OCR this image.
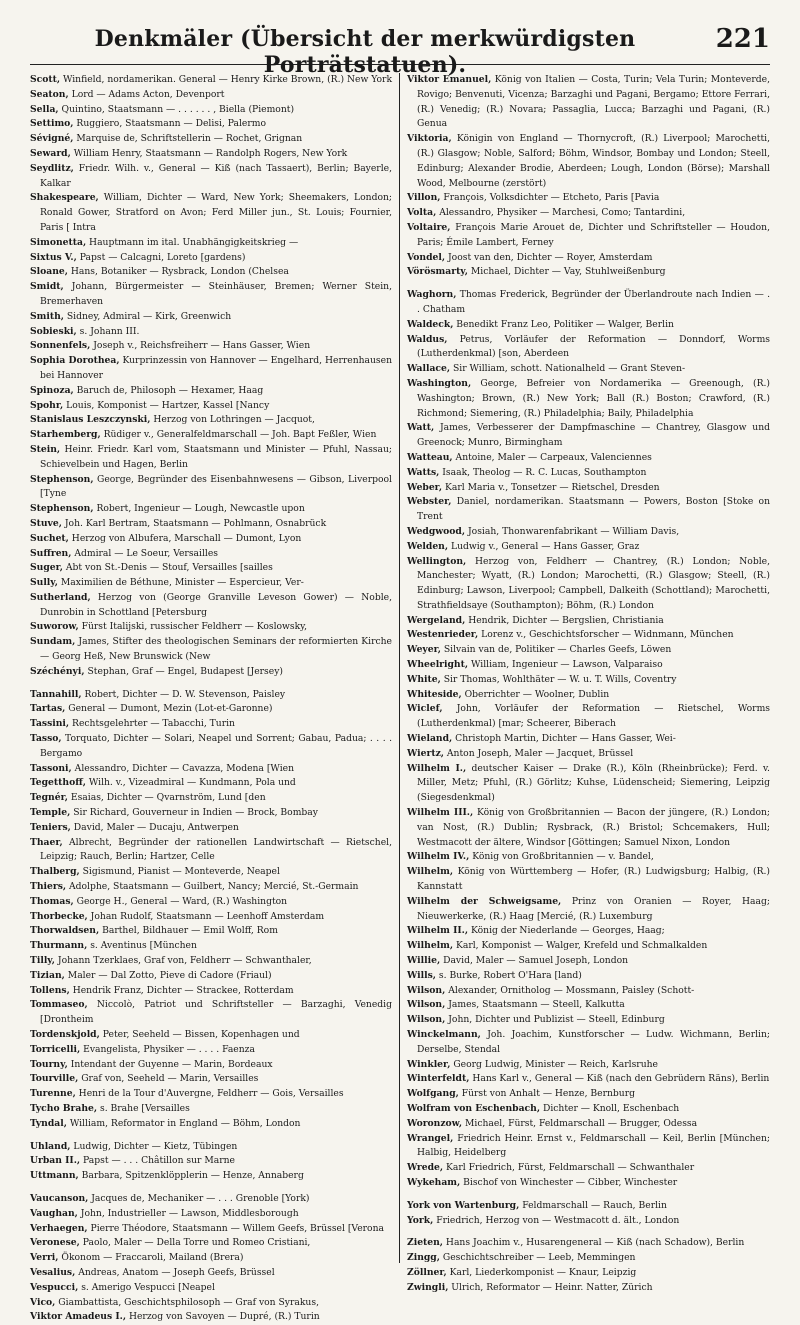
Denkmäler (Übersicht der merkwürdigsten Porträtstatuen).
221

Scott, Winfield, nordamerikan. General — Henry Kirke Brown, (R.) New York

Seaton, Lord — Adams Acton, Devenport

Sella, Quintino, Staatsmann — . . . . . . , Biella (Piemont)

Settimo, Ruggiero, Staatsmann — Delisi, Palermo

Sévigné, Marquise de, Schriftstellerin — Rochet, Grignan

Seward, William Henry, Staatsmann — Randolph Rogers, New York

Seydlitz, Friedr. Wilh. v., General — Kiß (nach Tassaert), Berlin; Bayerle, Kalkar

Shakespeare, William, Dichter — Ward, New York; Sheemakers, London; Ronald Gower, Stratford on Avon; Ferd Miller jun., St. Louis; Fournier, Paris [ Intra

Simonetta, Hauptmann im ital. Unabhängigkeitskrieg —

Sixtus V., Papst — Calcagni, Loreto [gardens)

Sloane, Hans, Botaniker — Rysbrack, London (Chelsea

Smidt, Johann, Bürgermeister — Steinhäuser, Bremen; Werner Stein, Bremerhaven

Smith, Sidney, Admiral — Kirk, Greenwich

Sobieski, s. Johann III.

Sonnenfels, Joseph v., Reichsfreiherr — Hans Gasser, Wien

Sophia Dorothea, Kurprinzessin von Hannover — Engelhard, Herrenhausen bei Hannover

Spinoza, Baruch de, Philosoph — Hexamer, Haag

Spohr, Louis, Komponist — Hartzer, Kassel [Nancy

Stanislaus Leszczynski, Herzog von Lothringen — Jacquot,

Starhemberg, Rüdiger v., Generalfeldmarschall — Joh. Bapt Feßler, Wien

Stein, Heinr. Friedr. Karl vom, Staatsmann und Minister — Pfuhl, Nassau; Schievelbein und Hagen, Berlin

Stephenson, George, Begründer des Eisenbahnwesens — Gibson, Liverpool [Tyne

Stephenson, Robert, Ingenieur — Lough, Newcastle upon

Stuve, Joh. Karl Bertram, Staatsmann — Pohlmann, Osnabrück

Suchet, Herzog von Albufera, Marschall — Dumont, Lyon

Suffren, Admiral — Le Soeur, Versailles

Suger, Abt von St.-Denis — Stouf, Versailles [sailles

Sully, Maximilien de Béthune, Minister — Espercieur, Ver-

Sutherland, Herzog von (George Granville Leveson Gower) — Noble, Dunrobin in Schottland [Petersburg

Suworow, Fürst Italijski, russischer Feldherr — Koslowsky,

Sundam, James, Stifter des theologischen Seminars der reformierten Kirche — Georg Heß, New Brunswick (New

Széchényi, Stephan, Graf — Engel, Budapest [Jersey)

Tannahill, Robert, Dichter — D. W. Stevenson, Paisley

Tartas, General — Dumont, Mezin (Lot-et-Garonne)

Tassini, Rechtsgelehrter — Tabacchi, Turin

Tasso, Torquato, Dichter — Solari, Neapel und Sorrent; Gabau, Padua; . . . . Bergamo

Tassoni, Alessandro, Dichter — Cavazza, Modena [Wien

Tegetthoff, Wilh. v., Vizeadmiral — Kundmann, Pola und

Tegnér, Esaias, Dichter — Qvarnström, Lund [den

Temple, Sir Richard, Gouverneur in Indien — Brock, Bombay

Teniers, David, Maler — Ducaju, Antwerpen

Thaer, Albrecht, Begründer der rationellen Landwirtschaft — Rietschel, Leipzig; Rauch, Berlin; Hartzer, Celle

Thalberg, Sigismund, Pianist — Monteverde, Neapel

Thiers, Adolphe, Staatsmann — Guilbert, Nancy; Mercié, St.-Germain

Thomas, George H., General — Ward, (R.) Washington

Thorbecke, Johan Rudolf, Staatsmann — Leenhoff Amsterdam

Thorwaldsen, Barthel, Bildhauer — Emil Wolff, Rom

Thurmann, s. Aventinus [München

Tilly, Johann Tzerklaes, Graf von, Feldherr — Schwanthaler,

Tizian, Maler — Dal Zotto, Pieve di Cadore (Friaul)

Tollens, Hendrik Franz, Dichter — Strackee, Rotterdam

Tommaseo, Niccolò, Patriot und Schriftsteller — Barzaghi, Venedig [Drontheim

Tordenskjold, Peter, Seeheld — Bissen, Kopenhagen und

Torricelli, Evangelista, Physiker — . . . . Faenza

Tourny, Intendant der Guyenne — Marin, Bordeaux

Tourville, Graf von, Seeheld — Marin, Versailles

Turenne, Henri de la Tour d'Auvergne, Feldherr — Gois, Versailles

Tycho Brahe, s. Brahe [Versailles

Tyndal, William, Reformator in England — Böhm, London

Uhland, Ludwig, Dichter — Kietz, Tübingen

Urban II., Papst — . . . Châtillon sur Marne

Uttmann, Barbara, Spitzenklöpplerin — Henze, Annaberg

Vaucanson, Jacques de, Mechaniker — . . . Grenoble [York)

Vaughan, John, Industrieller — Lawson, Middlesborough

Verhaegen, Pierre Théodore, Staatsmann — Willem Geefs, Brüssel [Verona

Veronese, Paolo, Maler — Della Torre und Romeo Cristiani,

Verri, Ökonom — Fraccaroli, Mailand (Brera)

Vesalius, Andreas, Anatom — Joseph Geefs, Brüssel

Vespucci, s. Amerigo Vespucci [Neapel

Vico, Giambattista, Geschichtsphilosoph — Graf von Syrakus,

Viktor Amadeus I., Herzog von Savoyen — Dupré, (R.) Turin

Viktor Emanuel, König von Italien — Costa, Turin; Vela Turin; Monteverde, Rovigo; Benvenuti, Vicenza; Barzaghi und Pagani, Bergamo; Ettore Ferrari, (R.) Venedig; (R.) Novara; Passaglia, Lucca; Barzaghi und Pagani, (R.) Genua

Viktoria, Königin von England — Thornycroft, (R.) Liverpool; Marochetti, (R.) Glasgow; Noble, Salford; Böhm, Windsor, Bombay und London; Steell, Edinburg; Alexander Brodie, Aberdeen; Lough, London (Börse); Marshall Wood, Melbourne (zerstört)

Villon, François, Volksdichter — Etcheto, Paris [Pavia

Volta, Alessandro, Physiker — Marchesi, Como; Tantardini,

Voltaire, François Marie Arouet de, Dichter und Schriftsteller — Houdon, Paris; Émile Lambert, Ferney

Vondel, Joost van den, Dichter — Royer, Amsterdam

Vörösmarty, Michael, Dichter — Vay, Stuhlweißenburg

Waghorn, Thomas Frederick, Begründer der Überlandroute nach Indien — . . Chatham

Waldeck, Benedikt Franz Leo, Politiker — Walger, Berlin

Waldus, Petrus, Vorläufer der Reformation — Donndorf, Worms (Lutherdenkmal) [son, Aberdeen

Wallace, Sir William, schott. Nationalheld — Grant Steven-

Washington, George, Befreier von Nordamerika — Greenough, (R.) Washington; Brown, (R.) New York; Ball (R.) Boston; Crawford, (R.) Richmond; Siemering, (R.) Philadelphia; Baily, Philadelphia

Watt, James, Verbesserer der Dampfmaschine — Chantrey, Glasgow und Greenock; Munro, Birmingham

Watteau, Antoine, Maler — Carpeaux, Valenciennes

Watts, Isaak, Theolog — R. C. Lucas, Southampton

Weber, Karl Maria v., Tonsetzer — Rietschel, Dresden

Webster, Daniel, nordamerikan. Staatsmann — Powers, Boston [Stoke on Trent

Wedgwood, Josiah, Thonwarenfabrikant — William Davis,

Welden, Ludwig v., General — Hans Gasser, Graz

Wellington, Herzog von, Feldherr — Chantrey, (R.) London; Noble, Manchester; Wyatt, (R.) London; Marochetti, (R.) Glasgow; Steell, (R.) Edinburg; Lawson, Liverpool; Campbell, Dalkeith (Schottland); Marochetti, Strathfieldsaye (Southampton); Böhm, (R.) London

Wergeland, Hendrik, Dichter — Bergslien, Christiania

Westenrieder, Lorenz v., Geschichtsforscher — Widnmann, München

Weyer, Silvain van de, Politiker — Charles Geefs, Löwen

Wheelright, William, Ingenieur — Lawson, Valparaiso

White, Sir Thomas, Wohlthäter — W. u. T. Wills, Coventry

Whiteside, Oberrichter — Woolner, Dublin

Wiclef, John, Vorläufer der Reformation — Rietschel, Worms (Lutherdenkmal) [mar; Scheerer, Biberach

Wieland, Christoph Martin, Dichter — Hans Gasser, Wei-

Wiertz, Anton Joseph, Maler — Jacquet, Brüssel

Wilhelm I., deutscher Kaiser — Drake (R.), Köln (Rheinbrücke); Ferd. v. Miller, Metz; Pfuhl, (R.) Görlitz; Kuhse, Lüdenscheid; Siemering, Leipzig (Siegesdenkmal)

Wilhelm III., König von Großbritannien — Bacon der jüngere, (R.) London; van Nost, (R.) Dublin; Rysbrack, (R.) Bristol; Schcemakers, Hull; Westmacott der ältere, Windsor [Göttingen; Samuel Nixon, London

Wilhelm IV., König von Großbritannien — v. Bandel,

Wilhelm, König von Württemberg — Hofer, (R.) Ludwigsburg; Halbig, (R.) Kannstatt

Wilhelm der Schweigsame, Prinz von Oranien — Royer, Haag; Nieuwerkerke, (R.) Haag [Mercié, (R.) Luxemburg

Wilhelm II., König der Niederlande — Georges, Haag;

Wilhelm, Karl, Komponist — Walger, Krefeld und Schmalkalden

Willie, David, Maler — Samuel Joseph, London

Wills, s. Burke, Robert O'Hara [land)

Wilson, Alexander, Ornitholog — Mossmann, Paisley (Schott-

Wilson, James, Staatsmann — Steell, Kalkutta

Wilson, John, Dichter und Publizist — Steell, Edinburg

Winckelmann, Joh. Joachim, Kunstforscher — Ludw. Wichmann, Berlin; Derselbe, Stendal

Winkler, Georg Ludwig, Minister — Reich, Karlsruhe

Winterfeldt, Hans Karl v., General — Kiß (nach den Gebrüdern Räns), Berlin

Wolfgang, Fürst von Anhalt — Henze, Bernburg

Wolfram von Eschenbach, Dichter — Knoll, Eschenbach

Woronzow, Michael, Fürst, Feldmarschall — Brugger, Odessa

Wrangel, Friedrich Heinr. Ernst v., Feldmarschall — Keil, Berlin [München; Halbig, Heidelberg

Wrede, Karl Friedrich, Fürst, Feldmarschall — Schwanthaler

Wykeham, Bischof von Winchester — Cibber, Winchester

York von Wartenburg, Feldmarschall — Rauch, Berlin

York, Friedrich, Herzog von — Westmacott d. ält., London

Zieten, Hans Joachim v., Husarengeneral — Kiß (nach Schadow), Berlin

Zingg, Geschichtschreiber — Leeb, Memmingen

Zöllner, Karl, Liederkomponist — Knaur, Leipzig

Zwingli, Ulrich, Reformator — Heinr. Natter, Zürich
